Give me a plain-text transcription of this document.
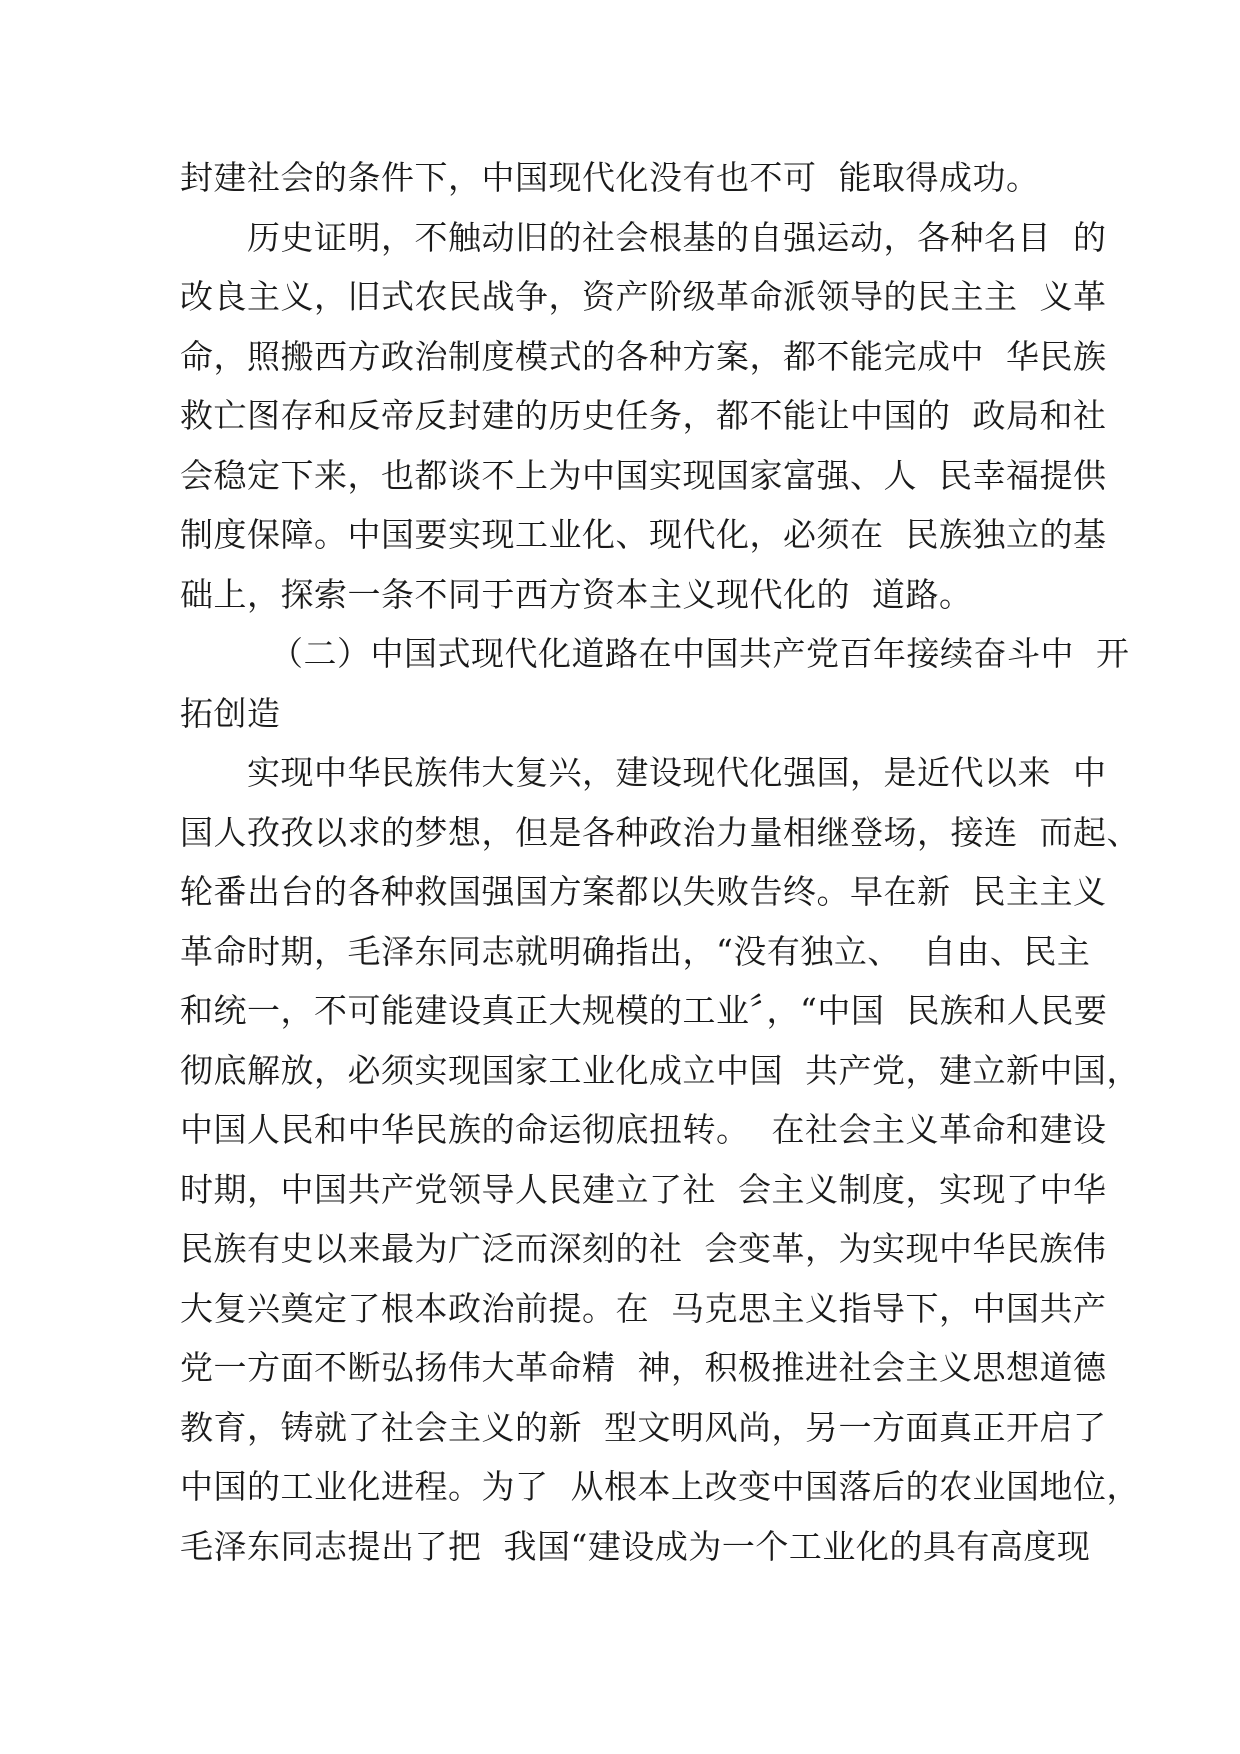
封建社会的条件下，中国现代化没有也不可  能取得成功。
历史证明，不触动旧的社会根基的自强运动，各种名目  的
改良主义，旧式农民战争，资产阶级革命派领导的民主主  义革
命，照搬西方政治制度模式的各种方案，都不能完成中  华民族
救亡图存和反帝反封建的历史任务，都不能让中国的  政局和社
会稳定下来，也都谈不上为中国实现国家富强、人  民幸福提供
制度保障。中国要实现工业化、现代化，必须在  民族独立的基
础上，探索一条不同于西方资本主义现代化的  道路。
（二）中国式现代化道路在中国共产党百年接续奋斗中  开
拓创造
实现中华民族伟大复兴，建设现代化强国，是近代以来  中
国人孜孜以求的梦想，但是各种政治力量相继登场，接连  而起、
轮番出台的各种救国强国方案都以失败告终。早在新  民主主义
革命时期，毛泽东同志就明确指出，“没有独立、  自由、民主
和统一，不可能建设真正大规模的工业〞，“中国  民族和人民要
彻底解放，必须实现国家工业化成立中国  共产党，建立新中国，
中国人民和中华民族的命运彻底扭转。  在社会主义革命和建设
时期，中国共产党领导人民建立了社  会主义制度，实现了中华
民族有史以来最为广泛而深刻的社  会变革，为实现中华民族伟
大复兴奠定了根本政治前提。在  马克思主义指导下，中国共产
党一方面不断弘扬伟大革命精  神，积极推进社会主义思想道德
教育，铸就了社会主义的新  型文明风尚，另一方面真正开启了
中国的工业化进程。为了  从根本上改变中国落后的农业国地位，
毛泽东同志提出了把  我国“建设成为一个工业化的具有高度现
